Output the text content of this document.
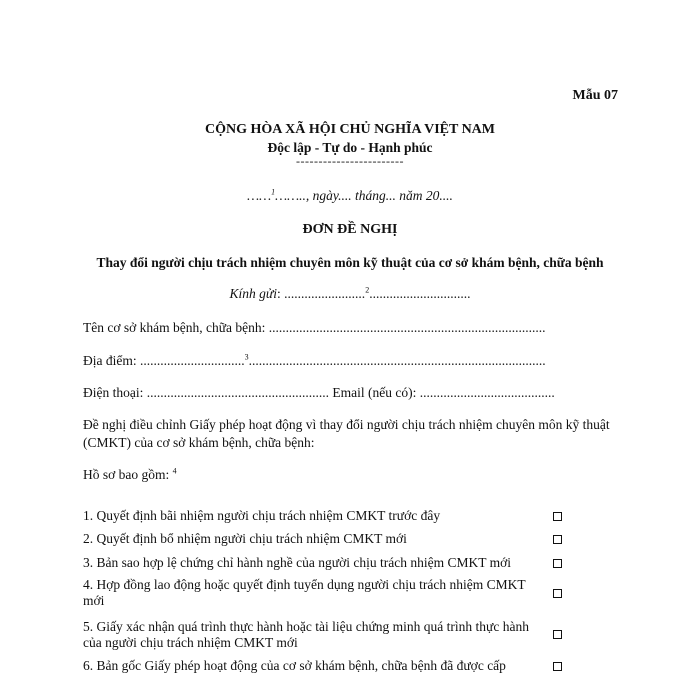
Mẫu 07
CỘNG HÒA XÃ HỘI CHỦ NGHĨA VIỆT NAM
Độc lập - Tự do - Hạnh phúc
------------------------
……$^1$…….., ngày.... tháng... năm 20....
ĐƠN ĐỀ NGHỊ
Thay đổi người chịu trách nhiệm chuyên môn kỹ thuật của cơ sở khám bệnh, chữa bệnh
Kính gửi: ........................$^2$..............................
Tên cơ sở khám bệnh, chữa bệnh: ..................................................................................
Địa điểm: ...............................$^3$........................................................................................
Điện thoại: ...................................................... Email (nếu có): ........................................
Đề nghị điều chỉnh Giấy phép hoạt động vì thay đổi người chịu trách nhiệm chuyên môn kỹ thuật (CMKT) của cơ sở khám bệnh, chữa bệnh:
Hồ sơ bao gồm: $^4$
1. Quyết định bãi nhiệm người chịu trách nhiệm CMKT trước đây
2. Quyết định bổ nhiệm người chịu trách nhiệm CMKT mới
3. Bản sao hợp lệ chứng chỉ hành nghề của người chịu trách nhiệm CMKT mới
4. Hợp đồng lao động hoặc quyết định tuyển dụng người chịu trách nhiệm CMKT mới
5. Giấy xác nhận quá trình thực hành hoặc tài liệu chứng minh quá trình thực hành của người chịu trách nhiệm CMKT mới
6. Bản gốc Giấy phép hoạt động của cơ sở khám bệnh, chữa bệnh đã được cấp
